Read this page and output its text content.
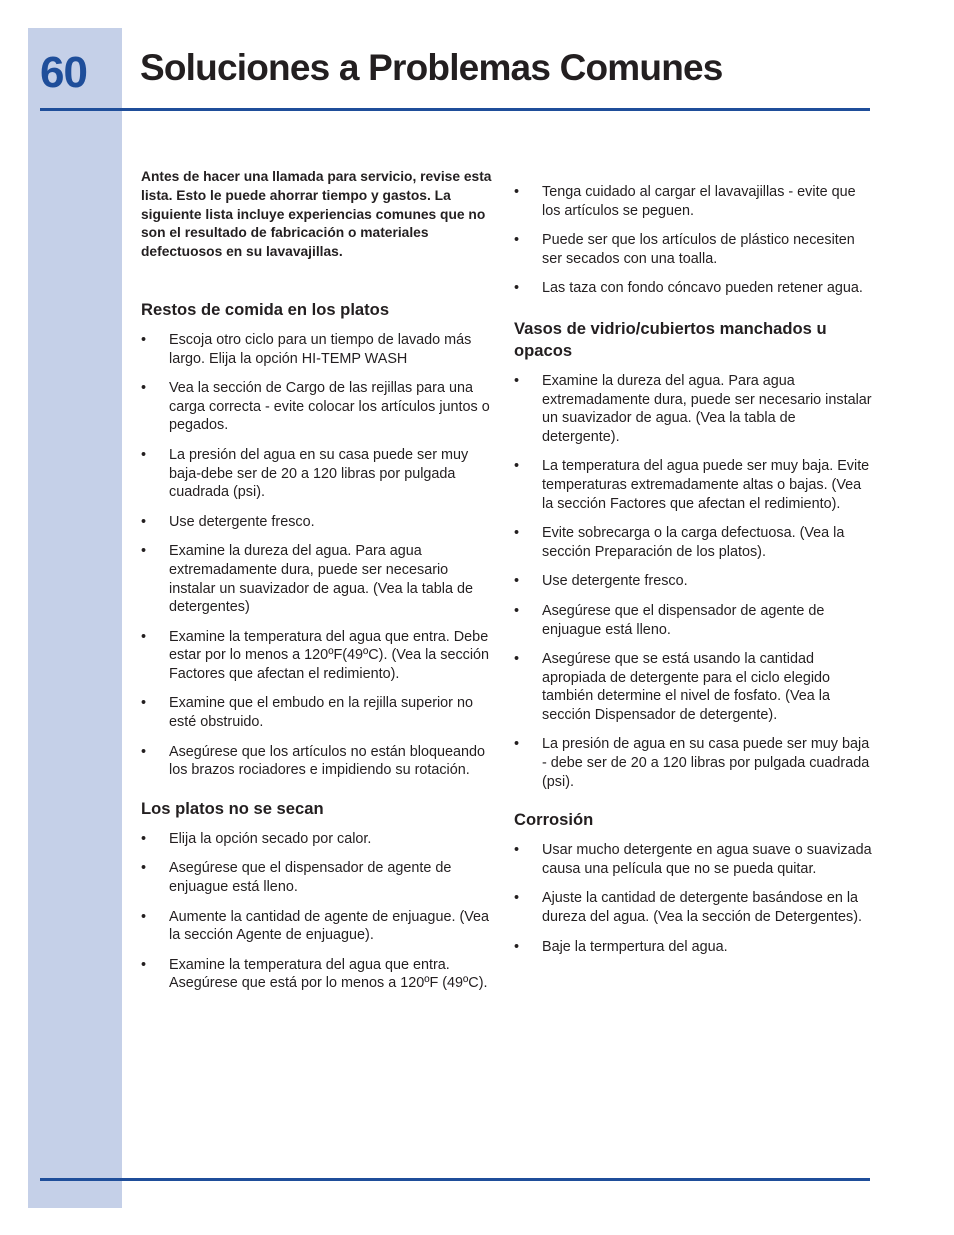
60 Soluciones a Problemas Comunes

Antes de hacer una llamada para servicio, revise esta lista. Esto le puede ahorrar tiempo y gastos. La siguiente lista incluye experiencias comunes que no son el resultado de fabricación o materiales defectuosos en su lavavajillas.

Restos de comida en los platos
• Escoja otro ciclo para un tiempo de lavado más largo. Elija la opción HI-TEMP WASH
• Vea la sección de Cargo de las rejillas para una carga correcta - evite colocar los artículos juntos o pegados.
• La presión del agua en su casa puede ser muy baja-debe ser de 20 a 120 libras por pulgada cuadrada (psi).
• Use detergente fresco.
• Examine la dureza del agua. Para agua extremadamente dura, puede ser necesario instalar un suavizador de agua. (Vea la tabla de detergentes)
• Examine la temperatura del agua que entra. Debe estar por lo menos a 120ºF(49ºC). (Vea la sección Factores que afectan el redimiento).
• Examine que el embudo en la rejilla superior no esté obstruido.
• Asegúrese que los artículos no están bloqueando los brazos rociadores e impidiendo su rotación.
Los platos no se secan
• Elija la opción secado por calor.
• Asegúrese que el dispensador de agente de enjuague está lleno.
• Aumente la cantidad de agente de enjuague. (Vea la sección Agente de enjuague).
• Examine la temperatura del agua que entra. Asegúrese que está por lo menos a 120ºF (49ºC).
• Tenga cuidado al cargar el lavavajillas - evite que los artículos se peguen.
• Puede ser que los artículos de plástico necesiten ser secados con una toalla.
• Las taza con fondo cóncavo pueden retener agua.
Vasos de vidrio/cubiertos manchados u opacos
• Examine la dureza del agua. Para agua extremadamente dura, puede ser necesario instalar un suavizador de agua. (Vea la tabla de detergente).
• La temperatura del agua puede ser muy baja. Evite temperaturas extremadamente altas o bajas. (Vea la sección Factores que afectan el redimiento).
• Evite sobrecarga o la carga defectuosa. (Vea la sección Preparación de los platos).
• Use detergente fresco.
• Asegúrese que el dispensador de agente de enjuague está lleno.
• Asegúrese que se está usando la cantidad apropiada de detergente para el ciclo elegido también determine el nivel de fosfato. (Vea la sección Dispensador de detergente).
• La presión de agua en su casa puede ser muy baja - debe ser de 20 a 120 libras por pulgada cuadrada (psi).
Corrosión
• Usar mucho detergente en agua suave o suavizada causa una película que no se pueda quitar.
• Ajuste la cantidad de detergente basándose en la dureza del agua. (Vea la sección de Detergentes).
• Baje la termpertura del agua.
